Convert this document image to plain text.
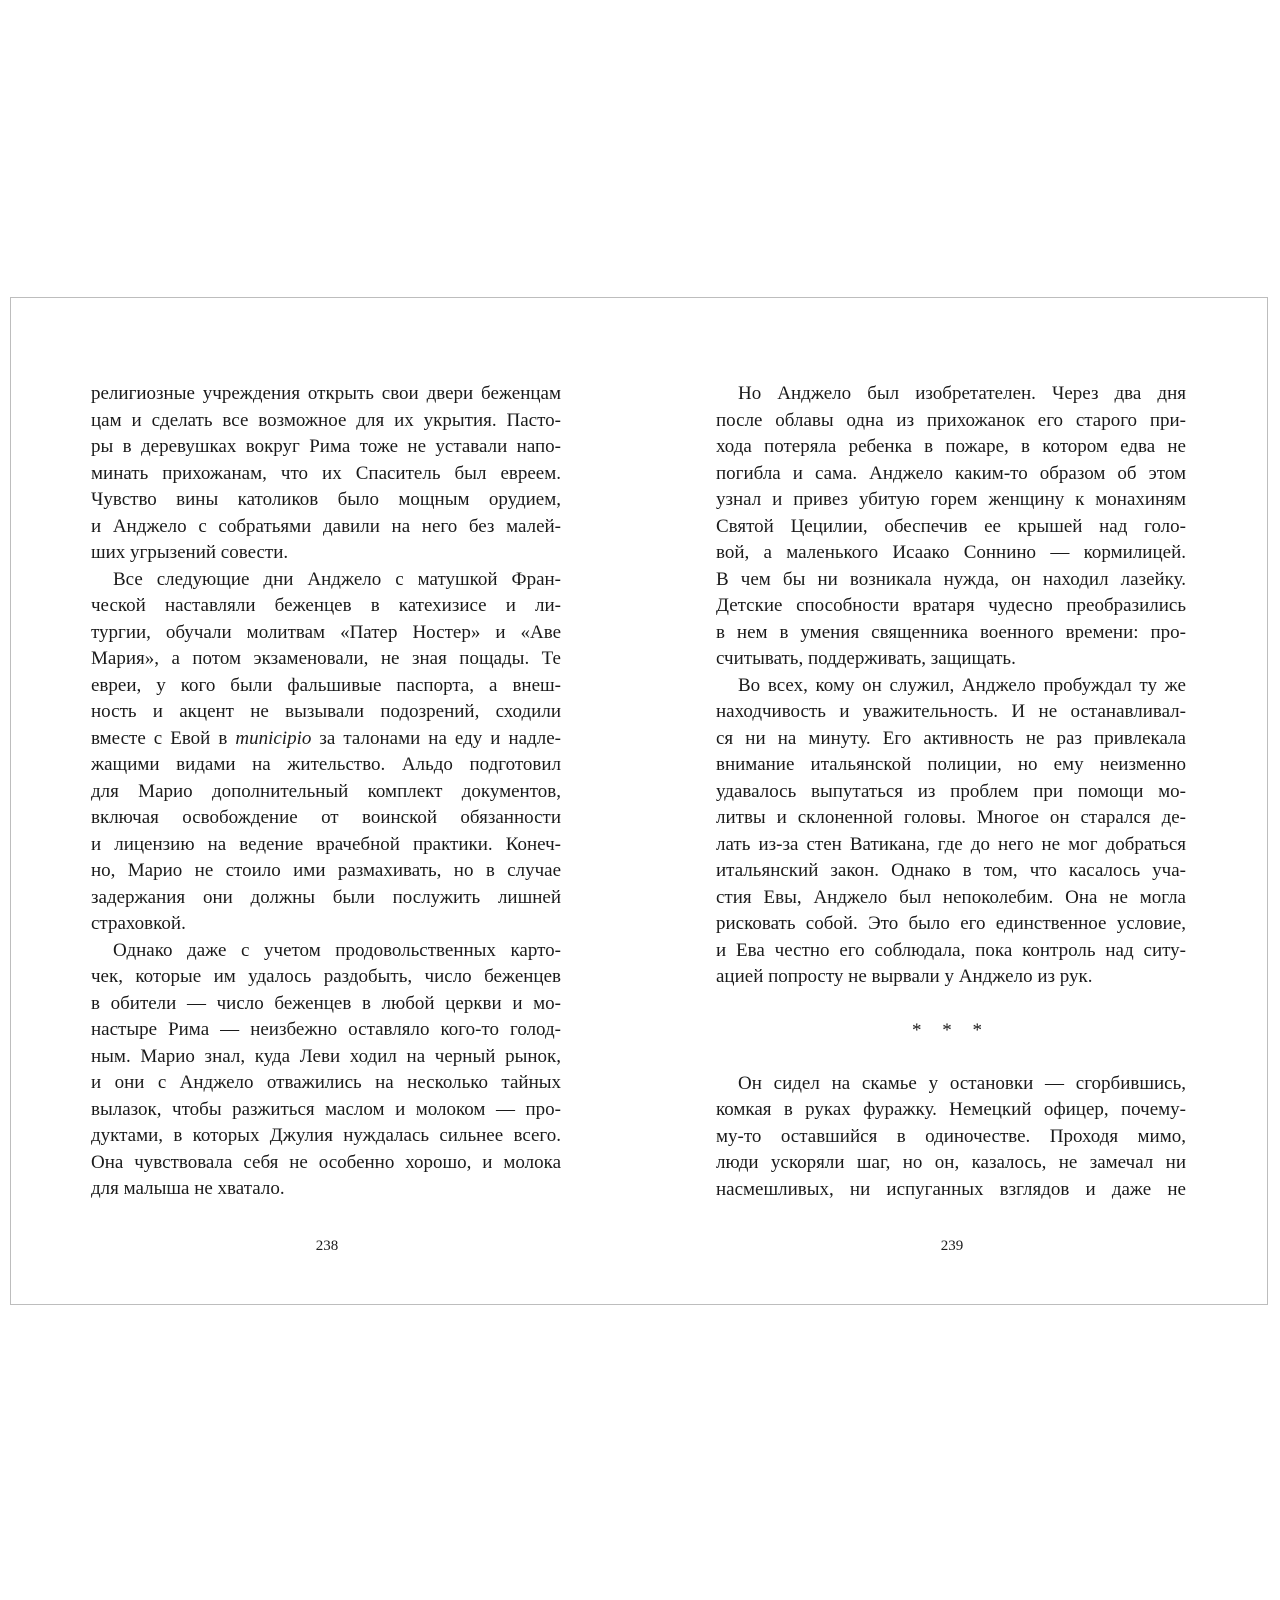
религиозные учреждения открыть свои двери беженцам
цам и сделать все возможное для их укрытия. Пасто-
ры в деревушках вокруг Рима тоже не уставали напо-
минать прихожанам, что их Спаситель был евреем.
Чувство вины католиков было мощным орудием,
и Анджело с собратьями давили на него без малей-
ших угрызений совести.
Все следующие дни Анджело с матушкой Фран-
ческой наставляли беженцев в катехизисе и ли-
тургии, обучали молитвам «Патер Ностер» и «Аве
Мария», а потом экзаменовали, не зная пощады. Те
евреи, у кого были фальшивые паспорта, а внеш-
ность и акцент не вызывали подозрений, сходили
вместе с Евой в municipio за талонами на еду и надле-
жащими видами на жительство. Альдо подготовил
для Марио дополнительный комплект документов,
включая освобождение от воинской обязанности
и лицензию на ведение врачебной практики. Конеч-
но, Марио не стоило ими размахивать, но в случае
задержания они должны были послужить лишней
страховкой.
Однако даже с учетом продовольственных карто-
чек, которые им удалось раздобыть, число беженцев
в обители — число беженцев в любой церкви и мо-
настыре Рима — неизбежно оставляло кого-то голод-
ным. Марио знал, куда Леви ходил на черный рынок,
и они с Анджело отважились на несколько тайных
вылазок, чтобы разжиться маслом и молоком — про-
дуктами, в которых Джулия нуждалась сильнее всего.
Она чувствовала себя не особенно хорошо, и молока
для малыша не хватало.
238
Но Анджело был изобретателен. Через два дня
после облавы одна из прихожанок его старого при-
хода потеряла ребенка в пожаре, в котором едва не
погибла и сама. Анджело каким-то образом об этом
узнал и привез убитую горем женщину к монахиням
Святой Цецилии, обеспечив ее крышей над голо-
вой, а маленького Исаако Соннино — кормилицей.
В чем бы ни возникала нужда, он находил лазейку.
Детские способности вратаря чудесно преобразились
в нем в умения священника военного времени: про-
считывать, поддерживать, защищать.
Во всех, кому он служил, Анджело пробуждал ту же
находчивость и уважительность. И не останавливал-
ся ни на минуту. Его активность не раз привлекала
внимание итальянской полиции, но ему неизменно
удавалось выпутаться из проблем при помощи мо-
литвы и склоненной головы. Многое он старался де-
лать из-за стен Ватикана, где до него не мог добраться
итальянский закон. Однако в том, что касалось уча-
стия Евы, Анджело был непоколебим. Она не могла
рисковать собой. Это было его единственное условие,
и Ева честно его соблюдала, пока контроль над ситу-
ацией попросту не вырвали у Анджело из рук.
* * *
Он сидел на скамье у остановки — сгорбившись,
комкая в руках фуражку. Немецкий офицер, почему-
му-то оставшийся в одиночестве. Проходя мимо,
люди ускоряли шаг, но он, казалось, не замечал ни
насмешливых, ни испуганных взглядов и даже не
239
